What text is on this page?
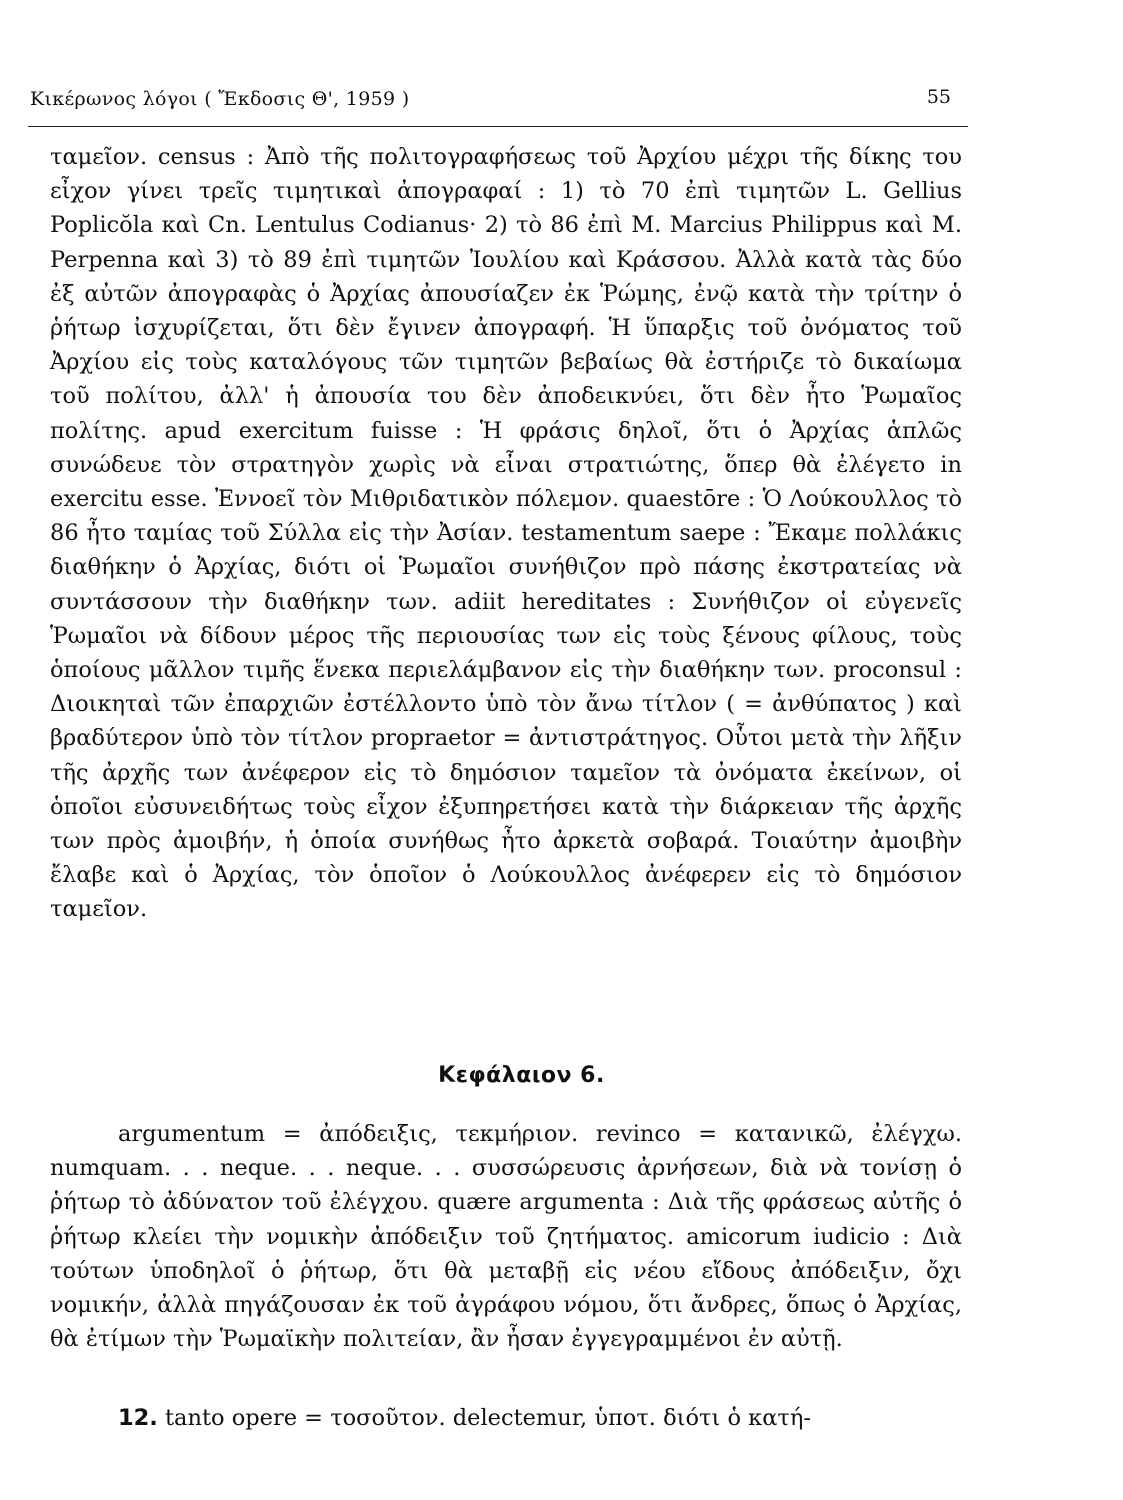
Κικέρωνος λόγοι ( Ἔκδοσις Θ', 1959 )	55

ταμεῖον. census : Ἀπὸ τῆς πολιτογραφήσεως τοῦ Ἀρχίου μέχρι τῆς δίκης του εἶχον γίνει τρεῖς τιμητικαὶ ἀπογραφαί : 1) τὸ 70 ἐπὶ τιμητῶν L. Gellius Poplicŏla καὶ Cn. Lentulus Codianus· 2) τὸ 86 ἐπὶ M. Marcius Philippus καὶ M. Perpenna καὶ 3) τὸ 89 ἐπὶ τιμητῶν Ἰουλίου καὶ Κράσσου. Ἀλλὰ κατὰ τὰς δύο ἐξ αὐτῶν ἀπογραφὰς ὁ Ἀρχίας ἀπουσίαζεν ἐκ Ῥώμης, ἐνῷ κατὰ τὴν τρίτην ὁ ῥήτωρ ἰσχυρίζεται, ὅτι δὲν ἔγινεν ἀπογραφή. Ἡ ὕπαρξις τοῦ ὀνόματος τοῦ Ἀρχίου εἰς τοὺς καταλόγους τῶν τιμητῶν βεβαίως θὰ ἐστήριζε τὸ δικαίωμα τοῦ πολίτου, ἀλλ' ἡ ἀπουσία του δὲν ἀποδεικνύει, ὅτι δὲν ἦτο Ῥωμαῖος πολίτης. apud exercitum fuisse : Ἡ φράσις δηλοῖ, ὅτι ὁ Ἀρχίας ἁπλῶς συνώδευε τὸν στρατηγὸν χωρὶς νὰ εἶναι στρατιώτης, ὅπερ θὰ ἐλέγετο in exercitu esse. Ἐννοεῖ τὸν Μιθριδατικὸν πόλεμον. quaestōre : Ὁ Λούκουλλος τὸ 86 ἦτο ταμίας τοῦ Σύλλα εἰς τὴν Ἀσίαν. testamentum saepe : Ἔκαμε πολλάκις διαθήκην ὁ Ἀρχίας, διότι οἱ Ῥωμαῖοι συνήθιζον πρὸ πάσης ἐκστρατείας νὰ συντάσσουν τὴν διαθήκην των. adiit hereditates : Συνήθιζον οἱ εὐγενεῖς Ῥωμαῖοι νὰ δίδουν μέρος τῆς περιουσίας των εἰς τοὺς ξένους φίλους, τοὺς ὁποίους μᾶλλον τιμῆς ἕνεκα περιελάμβανον εἰς τὴν διαθήκην των. proconsul : Διοικηταὶ τῶν ἐπαρχιῶν ἐστέλλοντο ὑπὸ τὸν ἄνω τίτλον ( = ἀνθύπατος ) καὶ βραδύτερον ὑπὸ τὸν τίτλον propraetor = ἀντιστράτηγος. Οὗτοι μετὰ τὴν λῆξιν τῆς ἀρχῆς των ἀνέφερον εἰς τὸ δημόσιον ταμεῖον τὰ ὀνόματα ἐκείνων, οἱ ὁποῖοι εὐσυνειδήτως τοὺς εἶχον ἐξυπηρετήσει κατὰ τὴν διάρκειαν τῆς ἀρχῆς των πρὸς ἀμοιβήν, ἡ ὁποία συνήθως ἦτο ἀρκετὰ σοβαρά. Τοιαύτην ἀμοιβὴν ἔλαβε καὶ ὁ Ἀρχίας, τὸν ὁποῖον ὁ Λούκουλλος ἀνέφερεν εἰς τὸ δημόσιον ταμεῖον.

Κεφάλαιον 6.

argumentum = ἀπόδειξις, τεκμήριον. revinco = κατανικῶ, ἐλέγχω. numquam. . . neque. . . neque. . . συσσώρευσις ἀρνήσεων, διὰ νὰ τονίσῃ ὁ ῥήτωρ τὸ ἀδύνατον τοῦ ἐλέγχου. quære argumenta : Διὰ τῆς φράσεως αὐτῆς ὁ ῥήτωρ κλείει τὴν νομικὴν ἀπόδειξιν τοῦ ζητήματος. amicorum iudicio : Διὰ τούτων ὑποδηλοῖ ὁ ῥήτωρ, ὅτι θὰ μεταβῇ εἰς νέου εἴδους ἀπόδειξιν, ὄχι νομικήν, ἀλλὰ πηγάζουσαν ἐκ τοῦ ἀγράφου νόμου, ὅτι ἄνδρες, ὅπως ὁ Ἀρχίας, θὰ ἐτίμων τὴν Ῥωμαϊκὴν πολιτείαν, ἂν ἦσαν ἐγγεγραμμένοι ἐν αὐτῇ.

12. tanto opere = τοσοῦτον. delectemur, ὑποτ. διότι ὁ κατή-
